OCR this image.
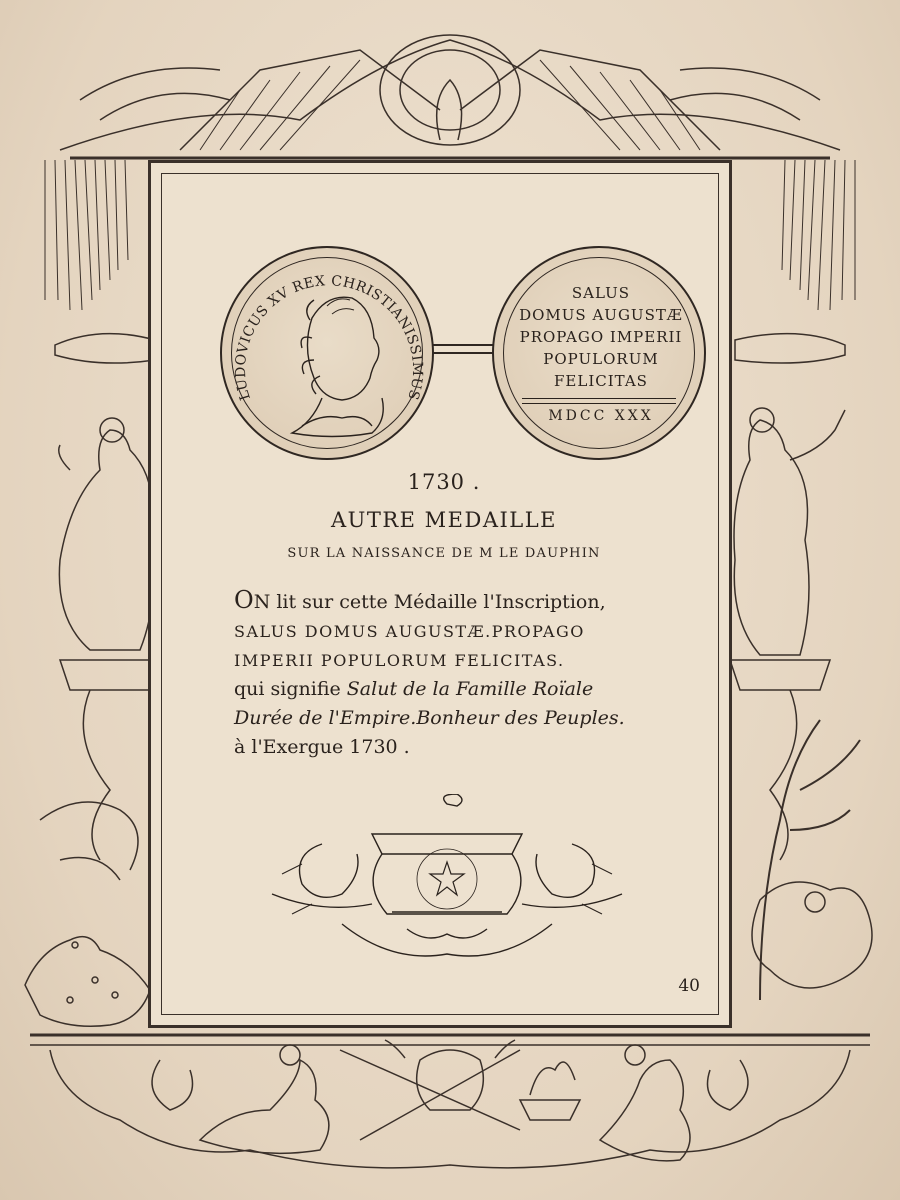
LUDOVICUS XV REX CHRISTIANISSIMUS
SALUS
DOMUS AUGUSTÆ
PROPAGO IMPERII
POPULORUM
FELICITAS
MDCC XXX
1730 .
AUTRE MEDAILLE
SUR LA NAISSANCE DE M LE DAUPHIN
ON lit sur cette Médaille l'Inscription,
SALUS DOMUS AUGUSTÆ.PROPAGO
IMPERII POPULORUM FELICITAS.
qui signifie Salut de la Famille Roïale
Durée de l'Empire.Bonheur des Peuples.
à l'Exergue 1730 .
40
